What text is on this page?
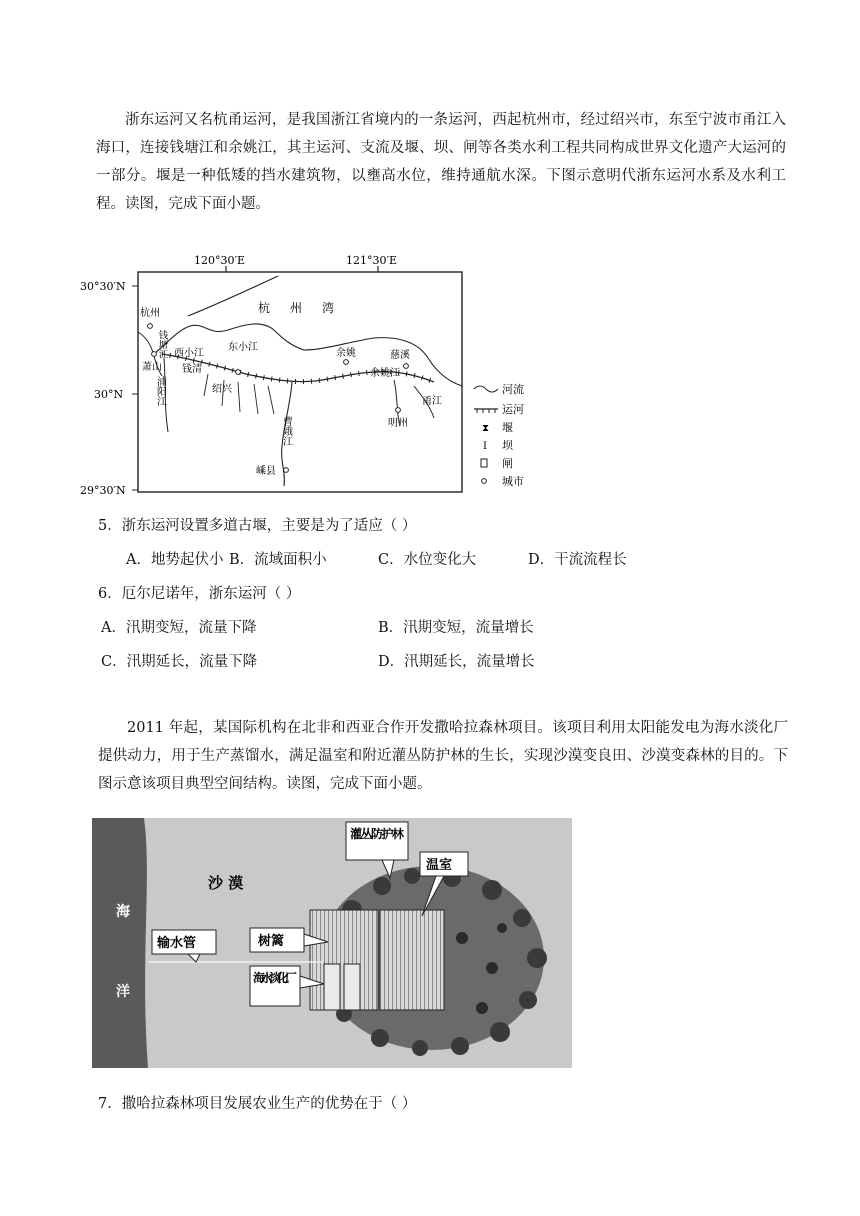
浙东运河又名杭甬运河，是我国浙江省境内的一条运河，西起杭州市，经过绍兴市，东至宁波市甬江入海口，连接钱塘江和余姚江，其主运河、支流及堰、坝、闸等各类水利工程共同构成世界文化遗产大运河的一部分。堰是一种低矮的挡水建筑物，以壅高水位，维持通航水深。下图示意明代浙东运河水系及水利工程。读图，完成下面小题。
120°30′E	121°30′E
30°30′N
30°N
29°30′N
杭州湾
杭州
钱塘江
萧山
浦阳江
西小江
钱清
绍兴
东小江
余姚
曹娥江
嵊县
余姚江
慈溪
明州
甬江
河流
运河
⧗ 堰
I 坝
闸
城市
5．浙东运河设置多道古堰，主要是为了适应（ ）
A．地势起伏小 B．流域面积小	C．水位变化大	D．干流流程长
6．厄尔尼诺年，浙东运河（ ）
A．汛期变短，流量下降	B．汛期变短，流量增长
C．汛期延长，流量下降	D．汛期延长，流量增长
2011 年起，某国际机构在北非和西亚合作开发撒哈拉森林项目。该项目利用太阳能发电为海水淡化厂提供动力，用于生产蒸馏水，满足温室和附近灌丛防护林的生长，实现沙漠变良田、沙漠变森林的目的。下图示意该项目典型空间结构。读图，完成下面小题。
海
洋
沙 漠
输水管
灌丛防护林
温室
树篱
海水淡化厂
7．撒哈拉森林项目发展农业生产的优势在于（ ）
